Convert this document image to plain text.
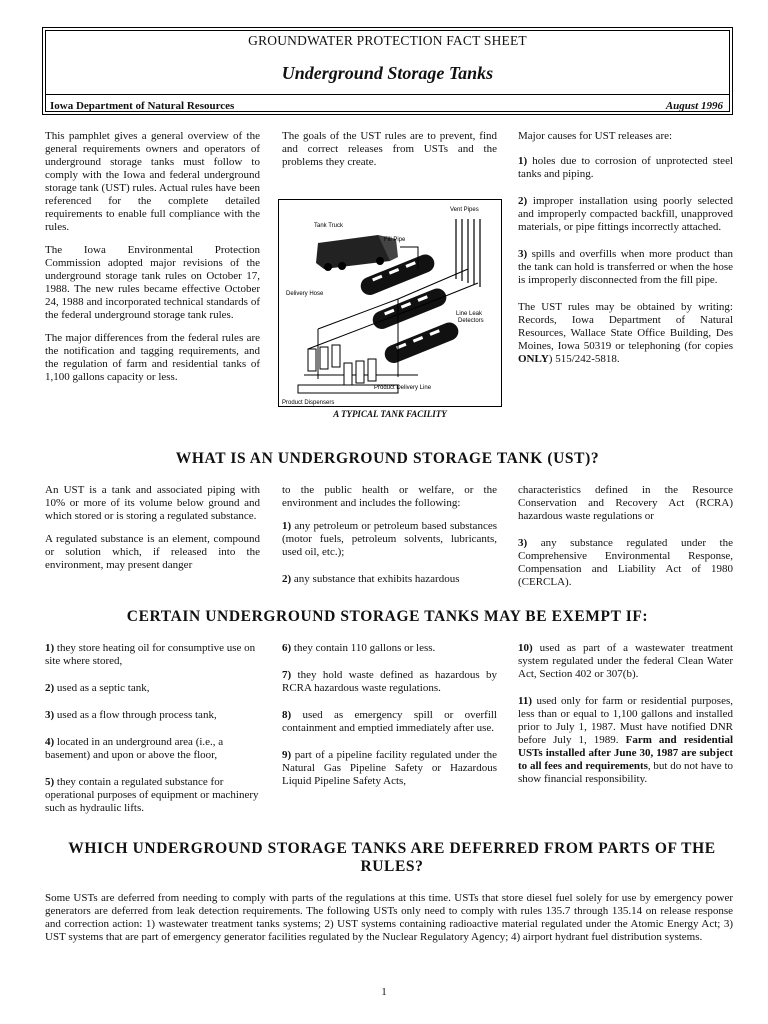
GROUNDWATER PROTECTION FACT SHEET
Underground Storage Tanks
Iowa Department of Natural Resources	August 1996

This pamphlet gives a general overview of the general requirements owners and operators of underground storage tanks must follow to comply with the Iowa and federal underground storage tank (UST) rules. Actual rules have been referenced for the complete detailed requirements to enable full compliance with the rules.

The Iowa Environmental Protection Commission adopted major revisions of the underground storage tank rules on October 17, 1988. The new rules became effective October 24, 1988 and incorporated technical standards of the federal underground storage tank rules.

The major differences from the federal rules are the notification and tagging requirements, and the regulation of farm and residential tanks of 1,100 gallons capacity or less.

The goals of the UST rules are to prevent, find and correct releases from USTs and the problems they create.

Vent Pipes
Tank Truck
Fill Pipe
Delivery Hose
Line Leak
Detectors
Product Dispensers
Product Delivery Line
A TYPICAL TANK FACILITY

Major causes for UST releases are:

1) holes due to corrosion of unprotected steel tanks and piping.

2) improper installation using poorly selected and improperly compacted backfill, unapproved materials, or pipe fittings incorrectly attached.

3) spills and overfills when more product than the tank can hold is transferred or when the hose is improperly disconnected from the fill pipe.

The UST rules may be obtained by writing: Records, Iowa Department of Natural Resources, Wallace State Office Building, Des Moines, Iowa 50319 or telephoning (for copies ONLY) 515/242-5818.

WHAT IS AN UNDERGROUND STORAGE TANK (UST)?

An UST is a tank and associated piping with 10% or more of its volume below ground and which stored or is storing a regulated substance.

A regulated substance is an element, compound or solution which, if released into the environment, may present danger

to the public health or welfare, or the environment and includes the following:

1) any petroleum or petroleum based substances (motor fuels, petroleum solvents, lubricants, used oil, etc.);

2) any substance that exhibits hazardous

characteristics defined in the Resource Conservation and Recovery Act (RCRA) hazardous waste regulations or

3) any substance regulated under the Comprehensive Environmental Response, Compensation and Liability Act of 1980 (CERCLA).

CERTAIN UNDERGROUND STORAGE TANKS MAY BE EXEMPT IF:

1) they store heating oil for consumptive use on site where stored,

2) used as a septic tank,

3) used as a flow through process tank,

4) located in an underground area (i.e., a basement) and upon or above the floor,

5) they contain a regulated substance for operational purposes of equipment or machinery such as hydraulic lifts.

6) they contain 110 gallons or less.

7) they hold waste defined as hazardous by RCRA hazardous waste regulations.

8) used as emergency spill or overfill containment and emptied immediately after use.

9) part of a pipeline facility regulated under the Natural Gas Pipeline Safety or Hazardous Liquid Pipeline Safety Acts,

10) used as part of a wastewater treatment system regulated under the federal Clean Water Act, Section 402 or 307(b).

11) used only for farm or residential purposes, less than or equal to 1,100 gallons and installed prior to July 1, 1987. Must have notified DNR before July 1, 1989. Farm and residential USTs installed after June 30, 1987 are subject to all fees and requirements, but do not have to show financial responsibility.

WHICH UNDERGROUND STORAGE TANKS ARE DEFERRED FROM PARTS OF THE RULES?
Some USTs are deferred from needing to comply with parts of the regulations at this time. USTs that store diesel fuel solely for use by emergency power generators are deferred from leak detection requirements. The following USTs only need to comply with rules 135.7 through 135.14 on release response and correction action: 1) wastewater treatment tanks systems; 2) UST systems containing radioactive material regulated under the Atomic Energy Act; 3) UST systems that are part of emergency generator facilities regulated by the Nuclear Regulatory Agency; 4) airport hydrant fuel distribution systems.
1
